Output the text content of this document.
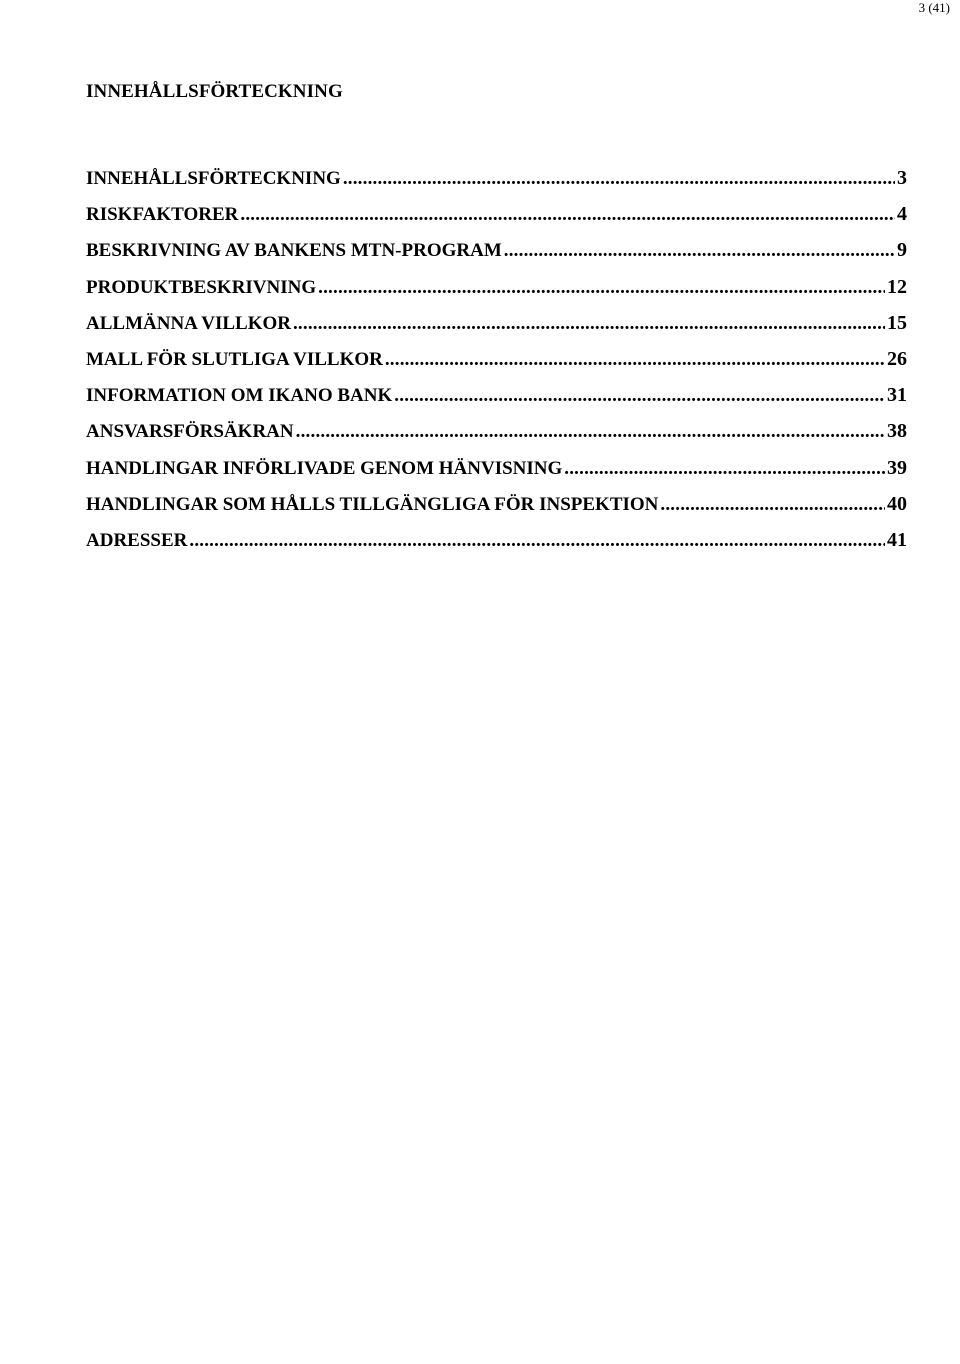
3 (41)
INNEHÅLLSFÖRTECKNING
INNEHÅLLSFÖRTECKNING .....	3
RISKFAKTORER .....	4
BESKRIVNING AV BANKENS MTN-PROGRAM .....	9
PRODUKTBESKRIVNING .....	12
ALLMÄNNA VILLKOR .....	15
MALL FÖR SLUTLIGA VILLKOR .....	26
INFORMATION OM IKANO BANK .....	31
ANSVARSFÖRSÄKRAN .....	38
HANDLINGAR INFÖRLIVADE GENOM HÄNVISNING .....	39
HANDLINGAR SOM HÅLLS TILLGÄNGLIGA FÖR INSPEKTION .....	40
ADRESSER .....	41
